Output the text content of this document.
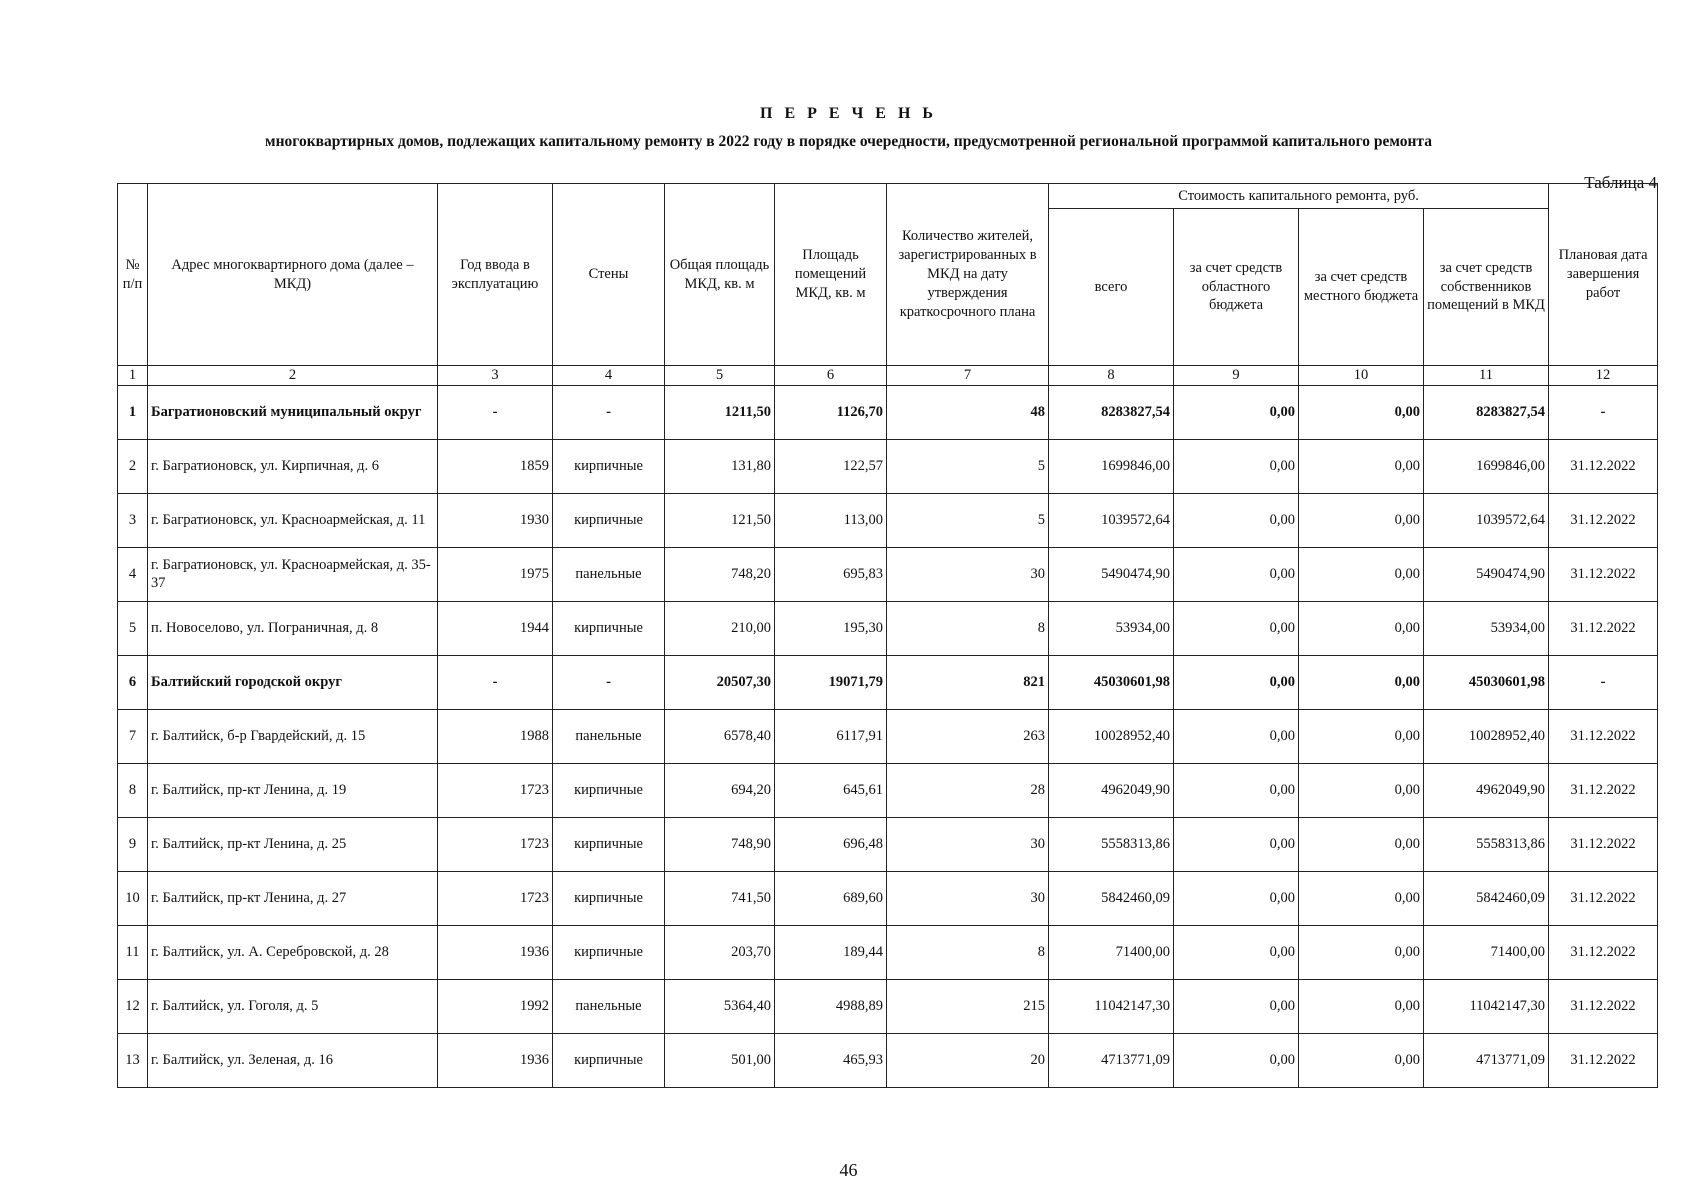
П Е Р Е Ч Е Н Ь
многоквартирных домов, подлежащих капитальному ремонту в 2022 году в порядке очередности, предусмотренной региональной программой капитального ремонта
Таблица 4
№ п/п	Адрес многоквартирного дома (далее – МКД)	Год ввода в эксплуатацию	Стены	Общая площадь МКД, кв. м	Площадь помещений МКД, кв. м	Количество жителей, зарегистрированных в МКД на дату утверждения краткосрочного плана	Стоимость капитального ремонта, руб.				Плановая дата завершения работ
							всего	за счет средств областного бюджета	за счет средств местного бюджета	за счет средств собственников помещений в МКД	
1	2	3	4	5	6	7	8	9	10	11	12
1	Багратионовский муниципальный округ	-	-	1211,50	1126,70	48	8283827,54	0,00	0,00	8283827,54	-
2	г. Багратионовск, ул. Кирпичная, д. 6	1859	кирпичные	131,80	122,57	5	1699846,00	0,00	0,00	1699846,00	31.12.2022
3	г. Багратионовск, ул. Красноармейская, д. 11	1930	кирпичные	121,50	113,00	5	1039572,64	0,00	0,00	1039572,64	31.12.2022
4	г. Багратионовск, ул. Красноармейская, д. 35-37	1975	панельные	748,20	695,83	30	5490474,90	0,00	0,00	5490474,90	31.12.2022
5	п. Новоселово, ул. Пограничная, д. 8	1944	кирпичные	210,00	195,30	8	53934,00	0,00	0,00	53934,00	31.12.2022
6	Балтийский городской округ	-	-	20507,30	19071,79	821	45030601,98	0,00	0,00	45030601,98	-
7	г. Балтийск, б-р Гвардейский, д. 15	1988	панельные	6578,40	6117,91	263	10028952,40	0,00	0,00	10028952,40	31.12.2022
8	г. Балтийск, пр-кт Ленина, д. 19	1723	кирпичные	694,20	645,61	28	4962049,90	0,00	0,00	4962049,90	31.12.2022
9	г. Балтийск, пр-кт Ленина, д. 25	1723	кирпичные	748,90	696,48	30	5558313,86	0,00	0,00	5558313,86	31.12.2022
10	г. Балтийск, пр-кт Ленина, д. 27	1723	кирпичные	741,50	689,60	30	5842460,09	0,00	0,00	5842460,09	31.12.2022
11	г. Балтийск, ул. А. Серебровской, д. 28	1936	кирпичные	203,70	189,44	8	71400,00	0,00	0,00	71400,00	31.12.2022
12	г. Балтийск, ул. Гоголя, д. 5	1992	панельные	5364,40	4988,89	215	11042147,30	0,00	0,00	11042147,30	31.12.2022
13	г. Балтийск, ул. Зеленая, д. 16	1936	кирпичные	501,00	465,93	20	4713771,09	0,00	0,00	4713771,09	31.12.2022
46
